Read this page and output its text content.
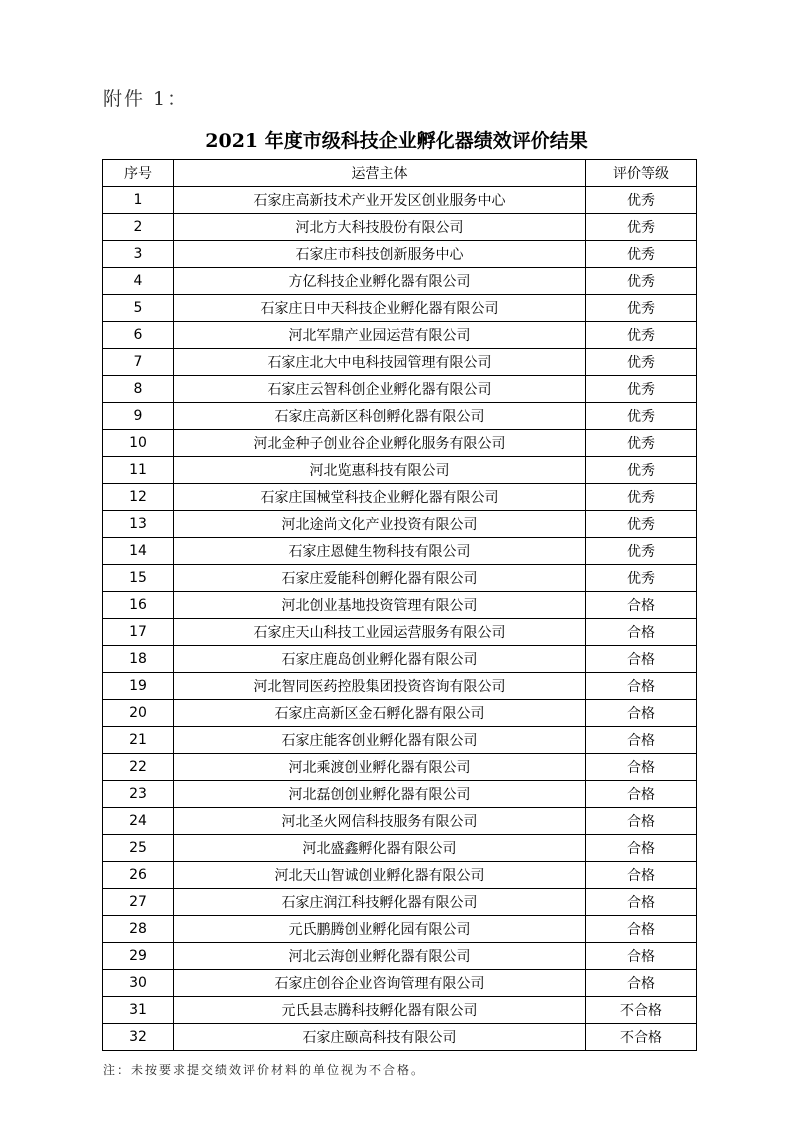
附件 1：
2021 年度市级科技企业孵化器绩效评价结果
序号	运营主体	评价等级
1	石家庄高新技术产业开发区创业服务中心	优秀
2	河北方大科技股份有限公司	优秀
3	石家庄市科技创新服务中心	优秀
4	方亿科技企业孵化器有限公司	优秀
5	石家庄日中天科技企业孵化器有限公司	优秀
6	河北军鼎产业园运营有限公司	优秀
7	石家庄北大中电科技园管理有限公司	优秀
8	石家庄云智科创企业孵化器有限公司	优秀
9	石家庄高新区科创孵化器有限公司	优秀
10	河北金种子创业谷企业孵化服务有限公司	优秀
11	河北览惠科技有限公司	优秀
12	石家庄国械堂科技企业孵化器有限公司	优秀
13	河北途尚文化产业投资有限公司	优秀
14	石家庄恩健生物科技有限公司	优秀
15	石家庄爱能科创孵化器有限公司	优秀
16	河北创业基地投资管理有限公司	合格
17	石家庄天山科技工业园运营服务有限公司	合格
18	石家庄鹿岛创业孵化器有限公司	合格
19	河北智同医药控股集团投资咨询有限公司	合格
20	石家庄高新区金石孵化器有限公司	合格
21	石家庄能客创业孵化器有限公司	合格
22	河北乘渡创业孵化器有限公司	合格
23	河北磊创创业孵化器有限公司	合格
24	河北圣火网信科技服务有限公司	合格
25	河北盛鑫孵化器有限公司	合格
26	河北天山智诚创业孵化器有限公司	合格
27	石家庄润江科技孵化器有限公司	合格
28	元氏鹏腾创业孵化园有限公司	合格
29	河北云海创业孵化器有限公司	合格
30	石家庄创谷企业咨询管理有限公司	合格
31	元氏县志腾科技孵化器有限公司	不合格
32	石家庄颐高科技有限公司	不合格
注：未按要求提交绩效评价材料的单位视为不合格。
